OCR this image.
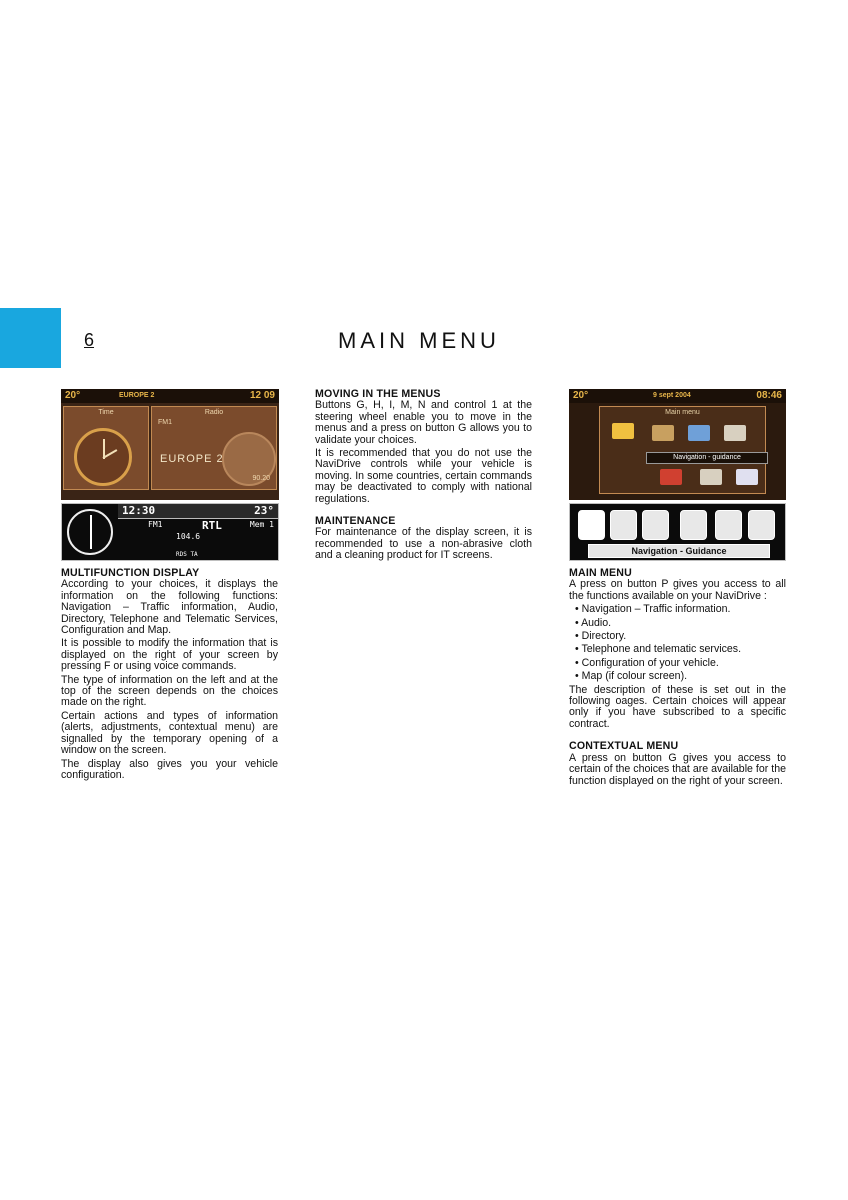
6	MAIN MENU
20°	EUROPE 2	12 09
Time	Radio
FM1
EUROPE 2
90.20
12:30	23°
FM1	RTL	Mem 1
104.6
RDS TA
20°	9 sept 2004	08:46
Main menu
Navigation - guidance
Navigation - Guidance
MULTIFUNCTION DISPLAY

According to your choices, it displays the information on the following functions: Navigation – Traffic information, Audio, Directory, Telephone and Telematic Services, Configuration and Map.

It is possible to modify the information that is displayed on the right of your screen by pressing F or using voice commands.

The type of information on the left and at the top of the screen depends on the choices made on the right.

Certain actions and types of information (alerts, adjustments, contextual menu) are signalled by the temporary opening of a window on the screen.

The display also gives you your vehicle configuration.

MOVING IN THE MENUS

Buttons G, H, I, M, N and control 1 at the steering wheel enable you to move in the menus and a press on button G allows you to validate your choices.

It is recommended that you do not use the NaviDrive controls while your vehicle is moving. In some countries, certain commands may be deactivated to comply with national regulations.

MAINTENANCE

For maintenance of the display screen, it is recommended to use a non-abrasive cloth and a cleaning product for IT screens.

MAIN MENU

A press on button P gives you access to all the functions available on your NaviDrive :

• Navigation – Traffic information.
• Audio.
• Directory.
• Telephone and telematic services.
• Configuration of your vehicle.
• Map (if colour screen).

The description of these is set out in the following oages. Certain choices will appear only if you have subscribed to a specific contract.

CONTEXTUAL MENU

A press on button G gives you access to certain of the choices that are available for the function displayed on the right of your screen.
